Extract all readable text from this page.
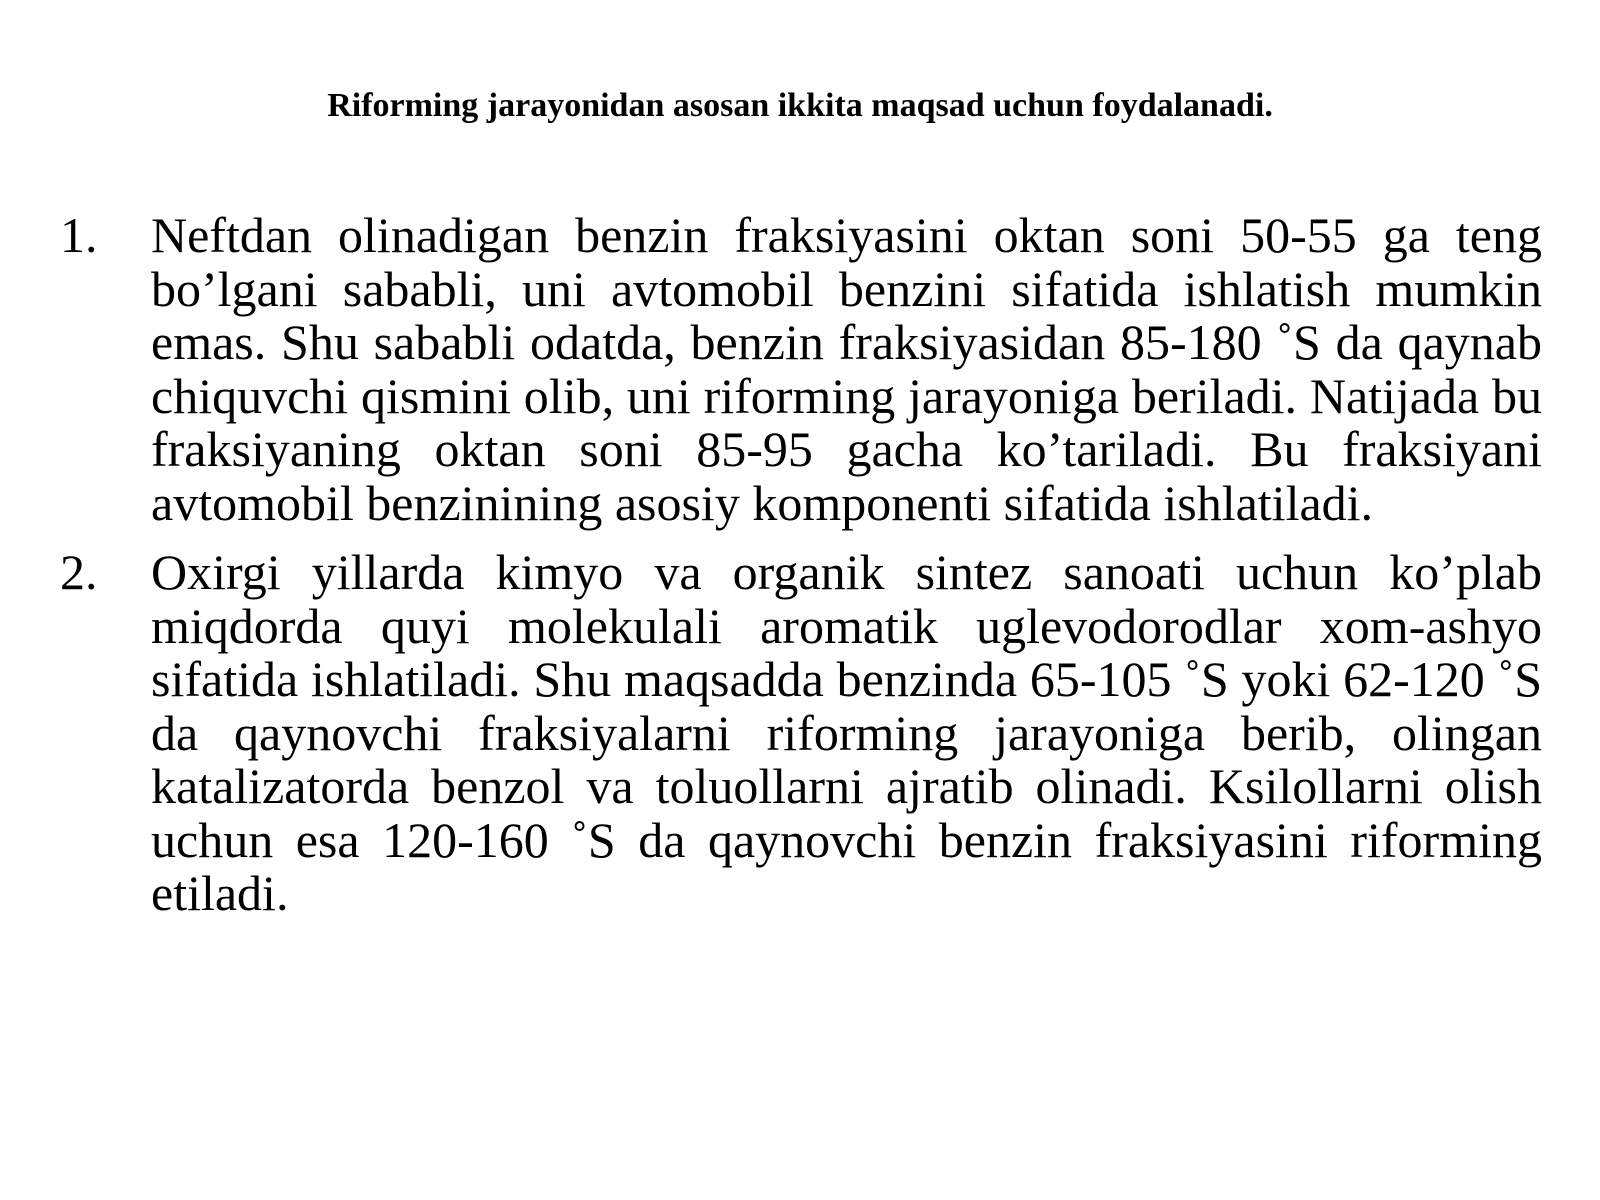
Riforming jarayonidan asosan ikkita maqsad uchun foydalanadi.
1. Neftdan olinadigan benzin fraksiyasini oktan soni 50-55 ga teng bo’lgani sababli, uni avtomobil benzini sifatida ishlatish mumkin emas. Shu sababli odatda, benzin fraksiyasidan 85-180 ˚S da qaynab chiquvchi qismini olib, uni riforming jarayoniga beriladi. Natijada bu fraksiyaning oktan soni 85-95 gacha ko’tariladi. Bu fraksiyani avtomobil benzinining asosiy komponenti sifatida ishlatiladi.
2. Oxirgi yillarda kimyo va organik sintez sanoati uchun ko’plab miqdorda quyi molekulali aromatik uglevodorodlar xom-ashyo sifatida ishlatiladi. Shu maqsadda benzinda 65-105 ˚S yoki 62-120 ˚S da qaynovchi fraksiyalarni riforming jarayoniga berib, olingan katalizatorda benzol va toluollarni ajratib olinadi. Ksilollarni olish uchun esa 120-160 ˚S da qaynovchi benzin fraksiyasini riforming etiladi.
